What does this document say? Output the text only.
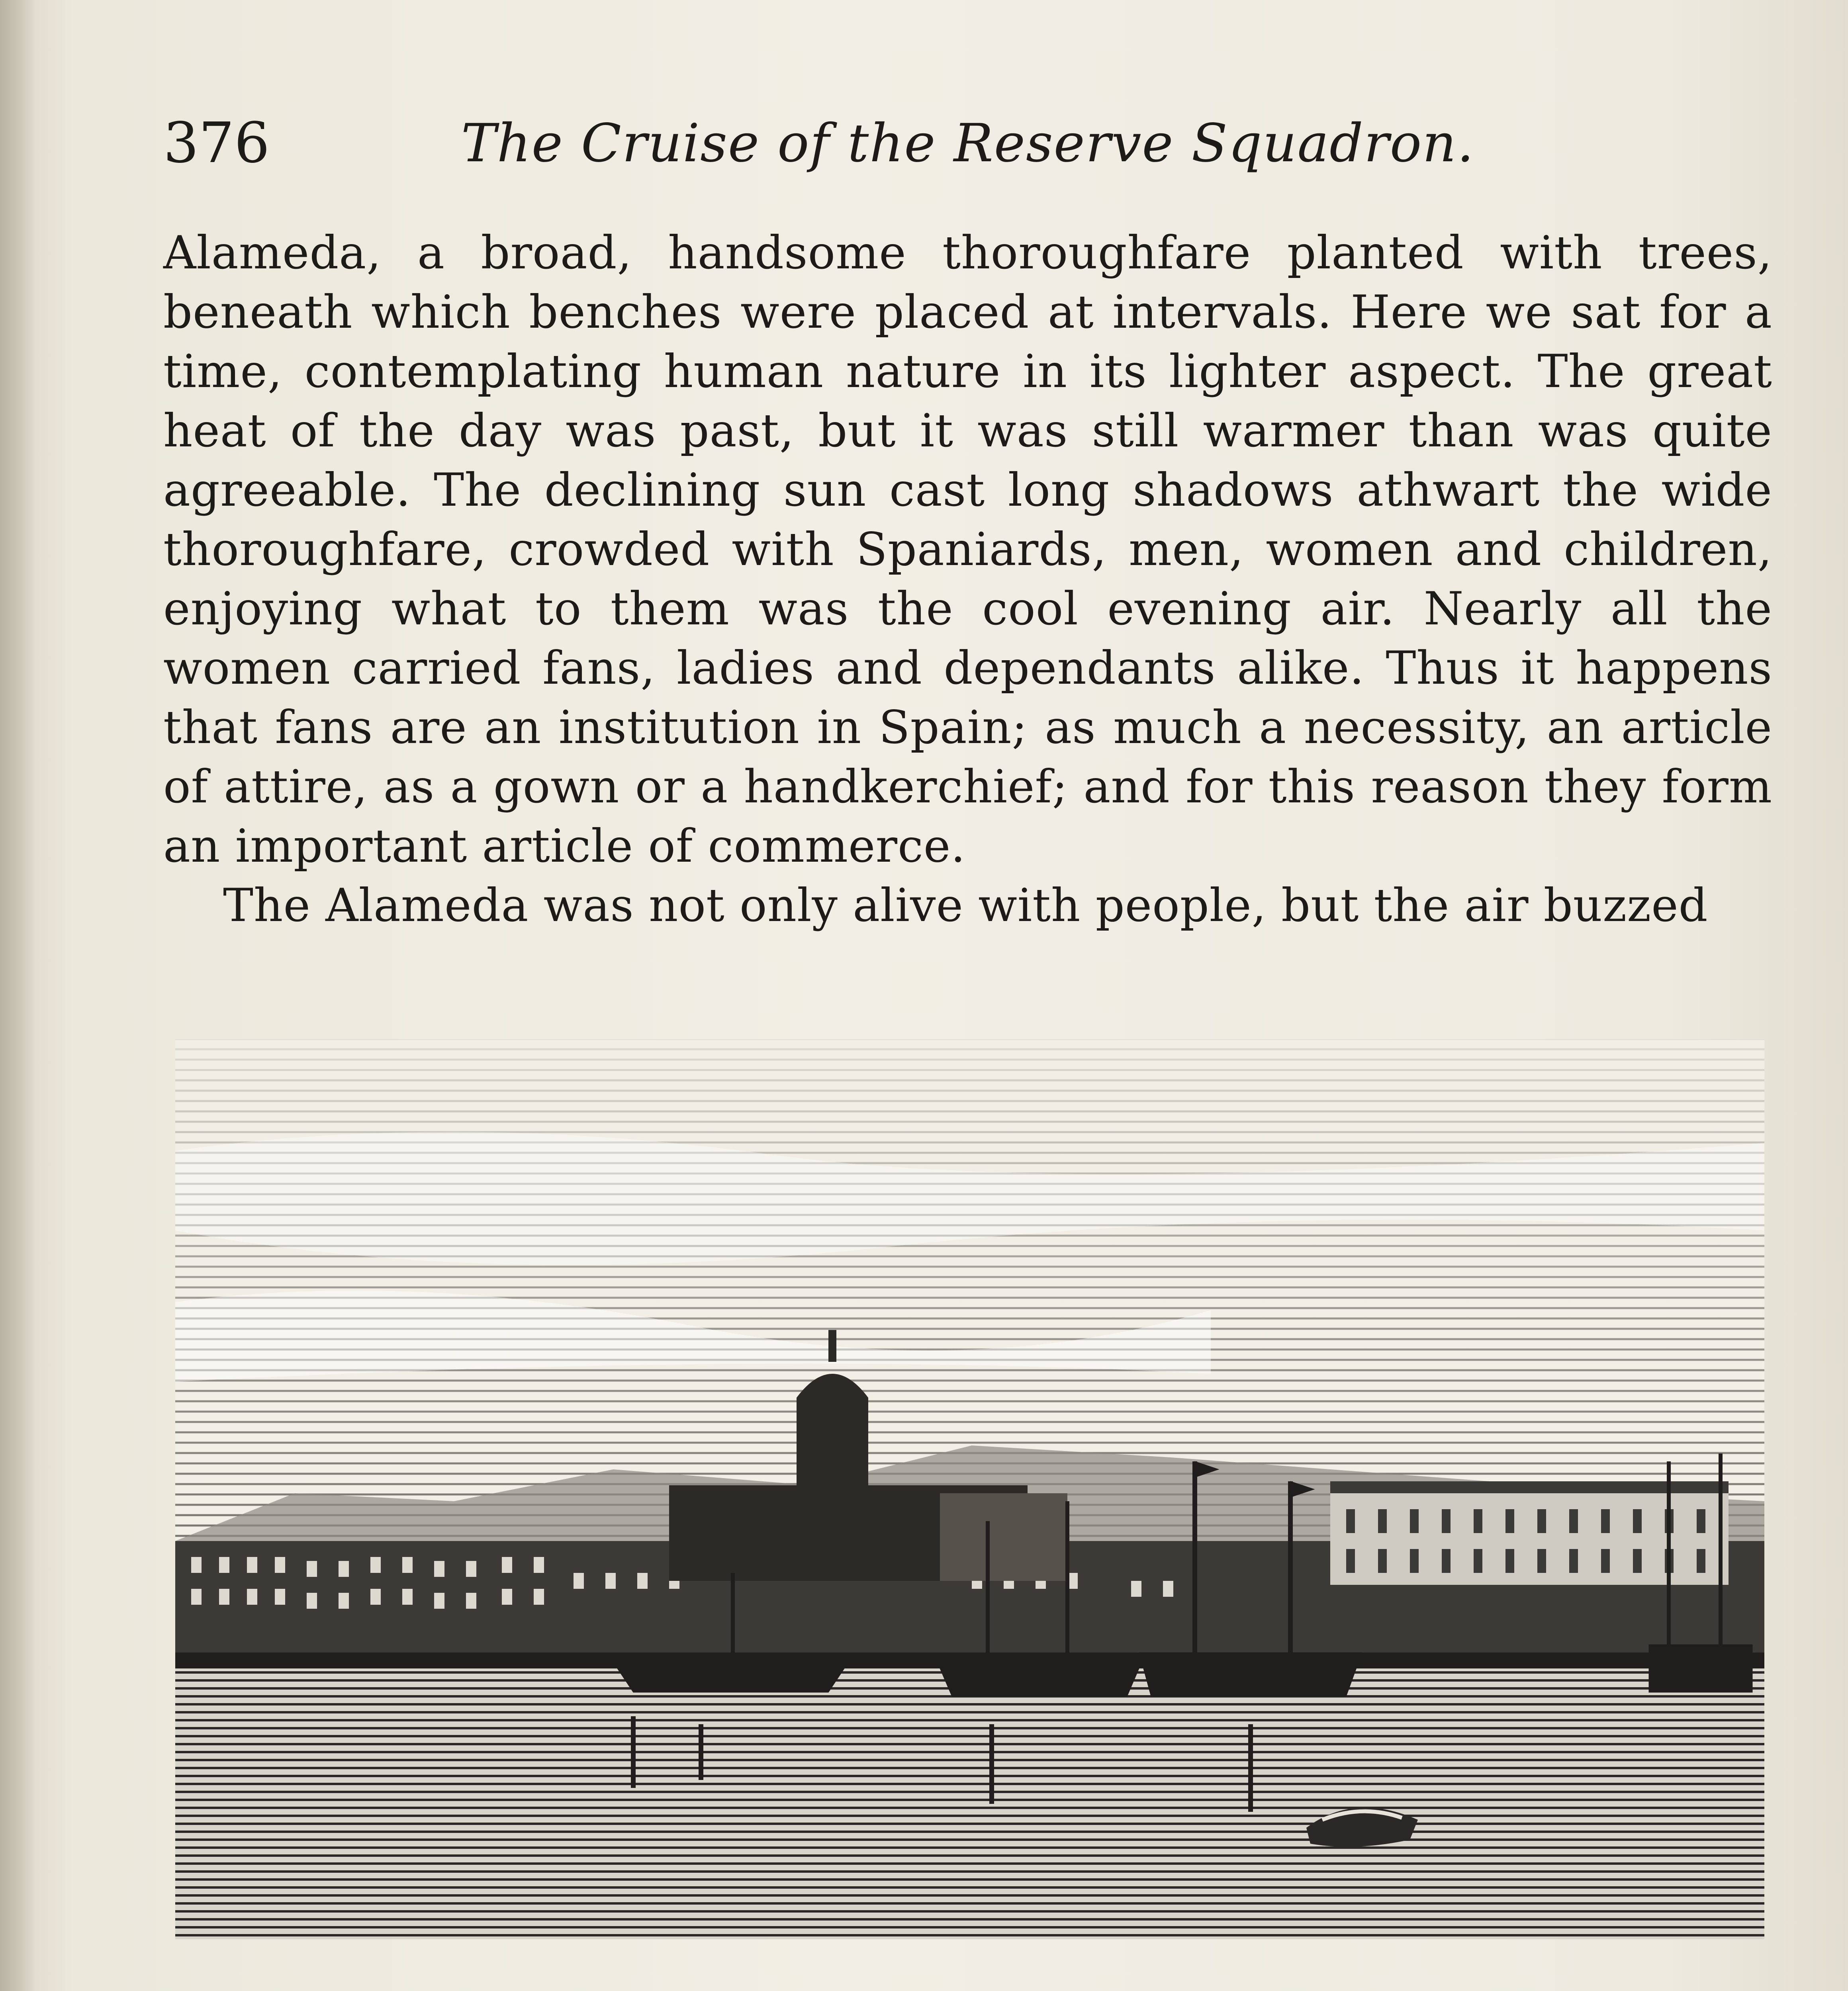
376	The Cruise of the Reserve Squadron.

Alameda, a broad, handsome thoroughfare planted with trees, beneath which benches were placed at intervals. Here we sat for a time, contemplating human nature in its lighter aspect. The great heat of the day was past, but it was still warmer than was quite agreeable. The declining sun cast long shadows athwart the wide thoroughfare, crowded with Spaniards, men, women and children, enjoying what to them was the cool evening air. Nearly all the women carried fans, ladies and dependants alike. Thus it happens that fans are an institution in Spain; as much a necessity, an article of attire, as a gown or a handkerchief; and for this reason they form an important article of commerce.

The Alameda was not only alive with people, but the air buzzed
